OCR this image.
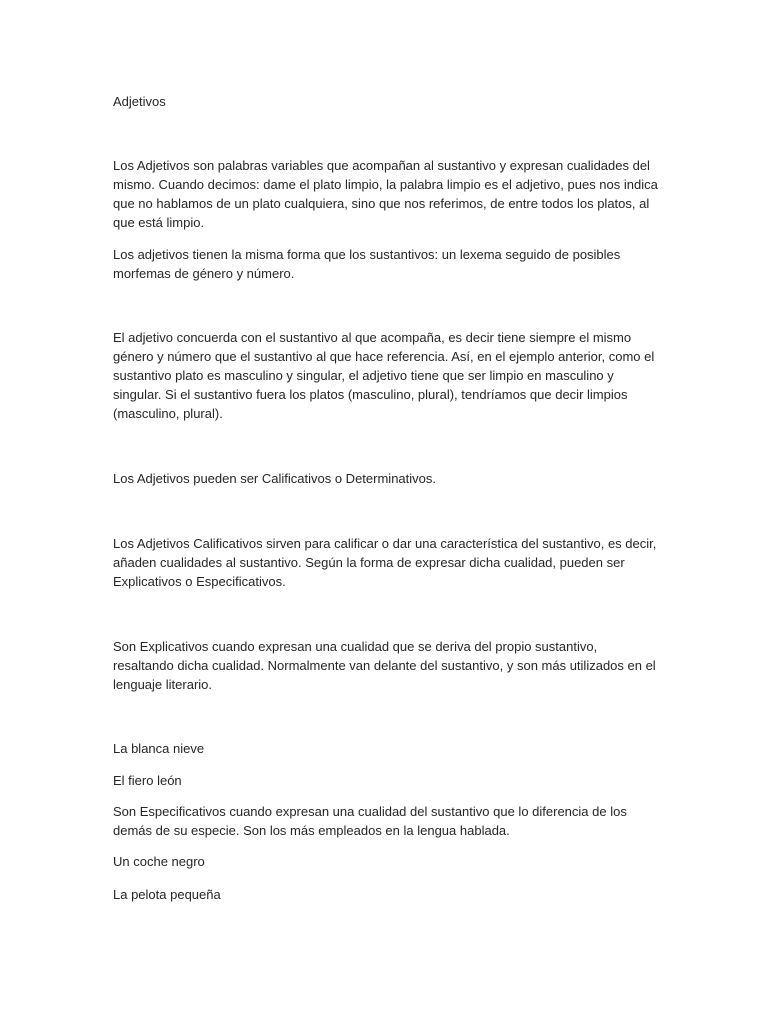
Adjetivos

Los Adjetivos son palabras variables que acompañan al sustantivo y expresan cualidades del mismo. Cuando decimos: dame el plato limpio, la palabra limpio es el adjetivo, pues nos indica que no hablamos de un plato cualquiera, sino que nos referimos, de entre todos los platos, al que está limpio.

Los adjetivos tienen la misma forma que los sustantivos: un lexema seguido de posibles morfemas de género y número.

El adjetivo concuerda con el sustantivo al que acompaña, es decir tiene siempre el mismo género y número que el sustantivo al que hace referencia. Así, en el ejemplo anterior, como el sustantivo plato es masculino y singular, el adjetivo tiene que ser limpio en masculino y singular. Si el sustantivo fuera los platos (masculino, plural), tendríamos que decir limpios (masculino, plural).

Los Adjetivos pueden ser Calificativos o Determinativos.

Los Adjetivos Calificativos sirven para calificar o dar una característica del sustantivo, es decir, añaden cualidades al sustantivo. Según la forma de expresar dicha cualidad, pueden ser Explicativos o Especificativos.

Son Explicativos cuando expresan una cualidad que se deriva del propio sustantivo, resaltando dicha cualidad. Normalmente van delante del sustantivo, y son más utilizados en el lenguaje literario.

La blanca nieve

El fiero león

Son Especificativos cuando expresan una cualidad del sustantivo que lo diferencia de los demás de su especie. Son los más empleados en la lengua hablada.

Un coche negro

La pelota pequeña
